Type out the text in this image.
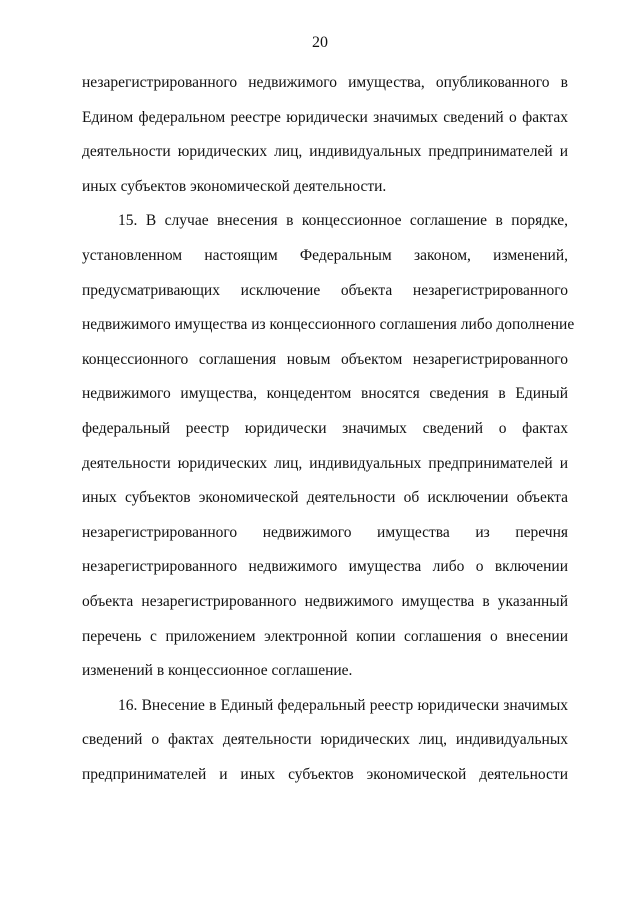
20
незарегистрированного недвижимого имущества, опубликованного в
Едином федеральном реестре юридически значимых сведений о фактах
деятельности юридических лиц, индивидуальных предпринимателей и
иных субъектов экономической деятельности.
15. В случае внесения в концессионное соглашение в порядке,
установленном настоящим Федеральным законом, изменений,
предусматривающих исключение объекта незарегистрированного
недвижимого имущества из концессионного соглашения либо дополнение
концессионного соглашения новым объектом незарегистрированного
недвижимого имущества, концедентом вносятся сведения в Единый
федеральный реестр юридически значимых сведений о фактах
деятельности юридических лиц, индивидуальных предпринимателей и
иных субъектов экономической деятельности об исключении объекта
незарегистрированного недвижимого имущества из перечня
незарегистрированного недвижимого имущества либо о включении
объекта незарегистрированного недвижимого имущества в указанный
перечень с приложением электронной копии соглашения о внесении
изменений в концессионное соглашение.
16. Внесение в Единый федеральный реестр юридически значимых
сведений о фактах деятельности юридических лиц, индивидуальных
предпринимателей и иных субъектов экономической деятельности
